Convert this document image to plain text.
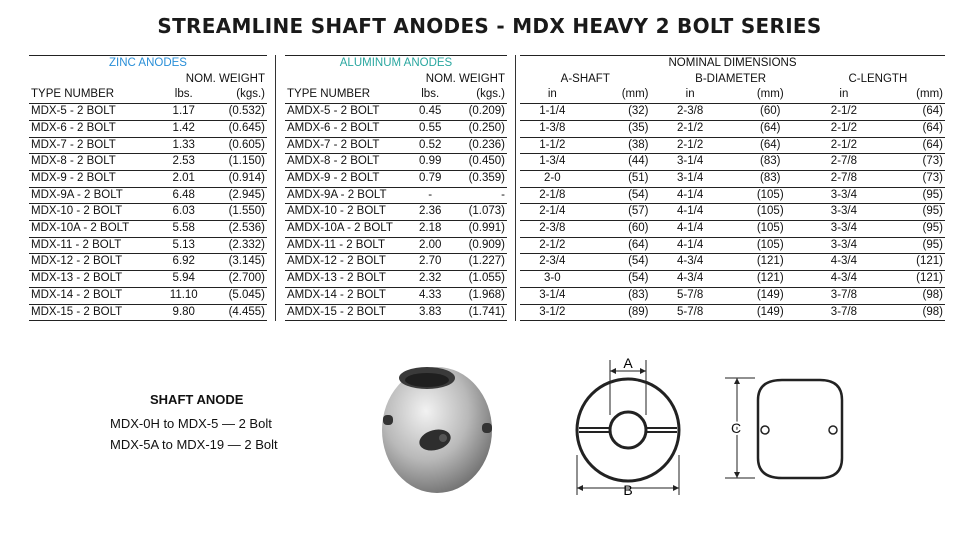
STREAMLINE SHAFT ANODES - MDX HEAVY 2 BOLT SERIES
ZINC ANODES		
	NOM. WEIGHT	
TYPE NUMBER	lbs.	(kgs.)
MDX-5 - 2 BOLT	1.17	(0.532)
MDX-6 - 2 BOLT	1.42	(0.645)
MDX-7 - 2 BOLT	1.33	(0.605)
MDX-8 - 2 BOLT	2.53	(1.150)
MDX-9 - 2 BOLT	2.01	(0.914)
MDX-9A - 2 BOLT	6.48	(2.945)
MDX-10 - 2 BOLT	6.03	(1.550)
MDX-10A - 2 BOLT	5.58	(2.536)
MDX-11 - 2 BOLT	5.13	(2.332)
MDX-12 - 2 BOLT	6.92	(3.145)
MDX-13 - 2 BOLT	5.94	(2.700)
MDX-14 - 2 BOLT	11.10	(5.045)
MDX-15 - 2 BOLT	9.80	(4.455)
ALUMINUM ANODES		
	NOM. WEIGHT	
TYPE NUMBER	lbs.	(kgs.)
AMDX-5 - 2 BOLT	0.45	(0.209)
AMDX-6 - 2 BOLT	0.55	(0.250)
AMDX-7 - 2 BOLT	0.52	(0.236)
AMDX-8 - 2 BOLT	0.99	(0.450)
AMDX-9 - 2 BOLT	0.79	(0.359)
AMDX-9A - 2 BOLT	-	-
AMDX-10 - 2 BOLT	2.36	(1.073)
AMDX-10A - 2 BOLT	2.18	(0.991)
AMDX-11 - 2 BOLT	2.00	(0.909)
AMDX-12 - 2 BOLT	2.70	(1.227)
AMDX-13 - 2 BOLT	2.32	(1.055)
AMDX-14 - 2 BOLT	4.33	(1.968)
AMDX-15 - 2 BOLT	3.83	(1.741)
NOMINAL DIMENSIONS					
A-SHAFT		B-DIAMETER		C-LENGTH	
in	(mm)	in	(mm)	in	(mm)
1-1/4	(32)	2-3/8	(60)	2-1/2	(64)
1-3/8	(35)	2-1/2	(64)	2-1/2	(64)
1-1/2	(38)	2-1/2	(64)	2-1/2	(64)
1-3/4	(44)	3-1/4	(83)	2-7/8	(73)
2-0	(51)	3-1/4	(83)	2-7/8	(73)
2-1/8	(54)	4-1/4	(105)	3-3/4	(95)
2-1/4	(57)	4-1/4	(105)	3-3/4	(95)
2-3/8	(60)	4-1/4	(105)	3-3/4	(95)
2-1/2	(64)	4-1/4	(105)	3-3/4	(95)
2-3/4	(54)	4-3/4	(121)	4-3/4	(121)
3-0	(54)	4-3/4	(121)	4-3/4	(121)
3-1/4	(83)	5-7/8	(149)	3-7/8	(98)
3-1/2	(89)	5-7/8	(149)	3-7/8	(98)
SHAFT ANODE
MDX-0H to MDX-5 — 2 Bolt
MDX-5A to MDX-19 — 2 Bolt
A
B
C
